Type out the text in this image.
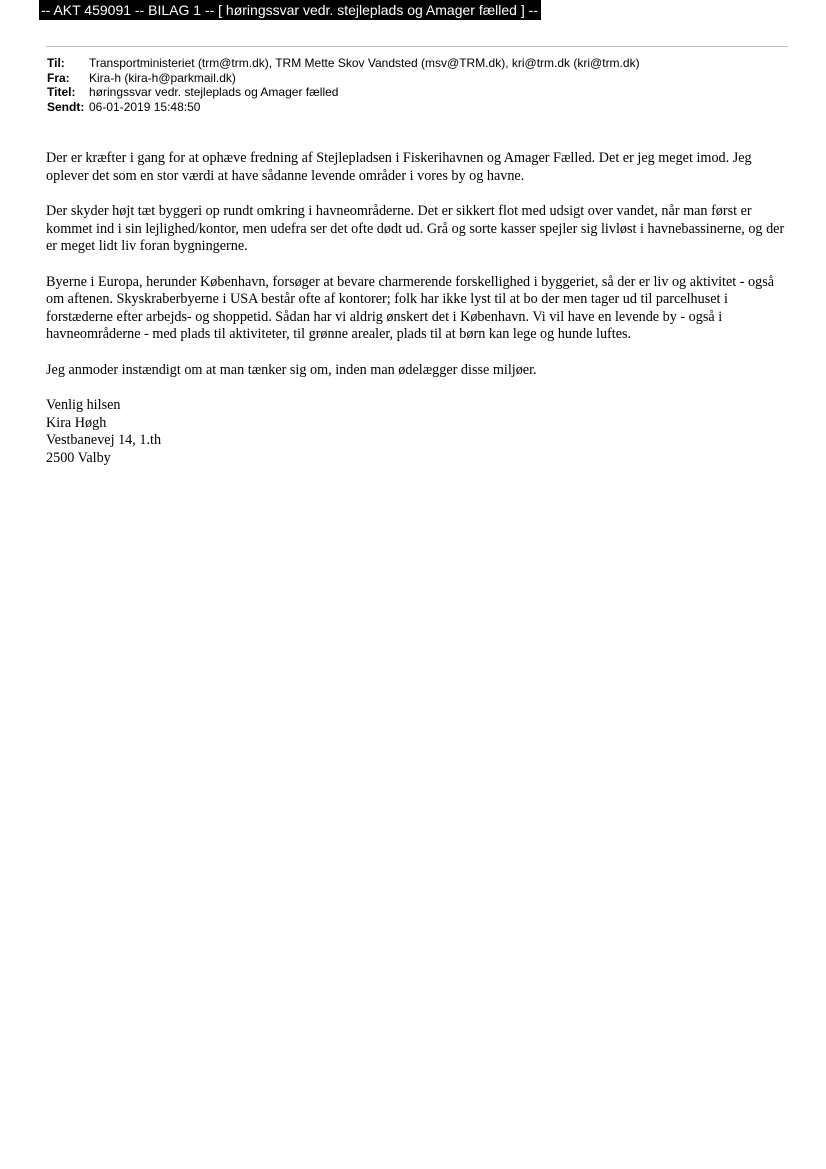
-- AKT 459091 -- BILAG 1 -- [ høringssvar vedr. stejleplads og Amager fælled ] --
Til:	Transportministeriet (trm@trm.dk), TRM Mette Skov Vandsted (msv@TRM.dk), kri@trm.dk (kri@trm.dk)
Fra:	Kira-h (kira-h@parkmail.dk)
Titel:	høringssvar vedr. stejleplads og Amager fælled
Sendt: 06-01-2019 15:48:50

Der er kræfter i gang for at ophæve fredning af Stejlepladsen i Fiskerihavnen og Amager Fælled. Det er jeg meget imod. Jeg oplever det som en stor værdi at have sådanne levende områder i vores by og havne.

Der skyder højt tæt byggeri op rundt omkring i havneområderne. Det er sikkert flot med udsigt over vandet, når man først er kommet ind i sin lejlighed/kontor, men udefra ser det ofte dødt ud. Grå og sorte kasser spejler sig livløst i havnebassinerne, og der er meget lidt liv foran bygningerne.

Byerne i Europa, herunder København, forsøger at bevare charmerende forskellighed i byggeriet, så der er liv og aktivitet - også om aftenen. Skyskraberbyerne i USA består ofte af kontorer; folk har ikke lyst til at bo der men tager ud til parcelhuset i forstæderne efter arbejds- og shoppetid. Sådan har vi aldrig ønskert det i København. Vi vil have en levende by - også i havneområderne - med plads til aktiviteter, til grønne arealer, plads til at børn kan lege og hunde luftes.

Jeg anmoder instændigt om at man tænker sig om, inden man ødelægger disse miljøer.

Venlig hilsen
Kira Høgh
Vestbanevej 14, 1.th
2500 Valby
